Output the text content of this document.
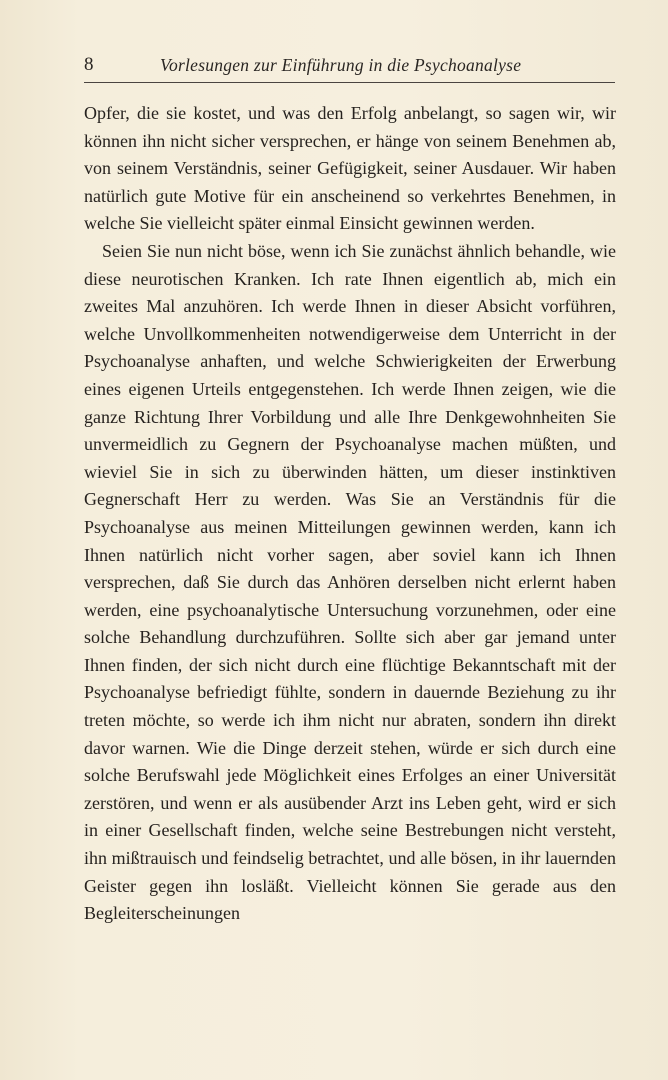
8	Vorlesungen zur Einführung in die Psychoanalyse

Opfer, die sie kostet, und was den Erfolg anbelangt, so sagen wir, wir können ihn nicht sicher versprechen, er hänge von seinem Benehmen ab, von seinem Verständnis, seiner Gefügigkeit, seiner Ausdauer. Wir haben natürlich gute Motive für ein anscheinend so verkehrtes Benehmen, in welche Sie vielleicht später einmal Einsicht gewinnen werden.

Seien Sie nun nicht böse, wenn ich Sie zunächst ähnlich behandle, wie diese neurotischen Kranken. Ich rate Ihnen eigentlich ab, mich ein zweites Mal anzuhören. Ich werde Ihnen in dieser Absicht vorführen, welche Unvollkommenheiten notwendigerweise dem Unterricht in der Psychoanalyse anhaften, und welche Schwierigkeiten der Erwerbung eines eigenen Urteils entgegenstehen. Ich werde Ihnen zeigen, wie die ganze Richtung Ihrer Vorbildung und alle Ihre Denkgewohnheiten Sie unvermeidlich zu Gegnern der Psychoanalyse machen müßten, und wieviel Sie in sich zu überwinden hätten, um dieser instinktiven Gegnerschaft Herr zu werden. Was Sie an Verständnis für die Psychoanalyse aus meinen Mitteilungen gewinnen werden, kann ich Ihnen natürlich nicht vorher sagen, aber soviel kann ich Ihnen versprechen, daß Sie durch das Anhören derselben nicht erlernt haben werden, eine psychoanalytische Untersuchung vorzunehmen, oder eine solche Behandlung durchzuführen. Sollte sich aber gar jemand unter Ihnen finden, der sich nicht durch eine flüchtige Bekanntschaft mit der Psychoanalyse befriedigt fühlte, sondern in dauernde Beziehung zu ihr treten möchte, so werde ich ihm nicht nur abraten, sondern ihn direkt davor warnen. Wie die Dinge derzeit stehen, würde er sich durch eine solche Berufswahl jede Möglichkeit eines Erfolges an einer Universität zerstören, und wenn er als ausübender Arzt ins Leben geht, wird er sich in einer Gesellschaft finden, welche seine Bestrebungen nicht versteht, ihn mißtrauisch und feindselig betrachtet, und alle bösen, in ihr lauernden Geister gegen ihn losläßt. Vielleicht können Sie gerade aus den Begleiterscheinungen
